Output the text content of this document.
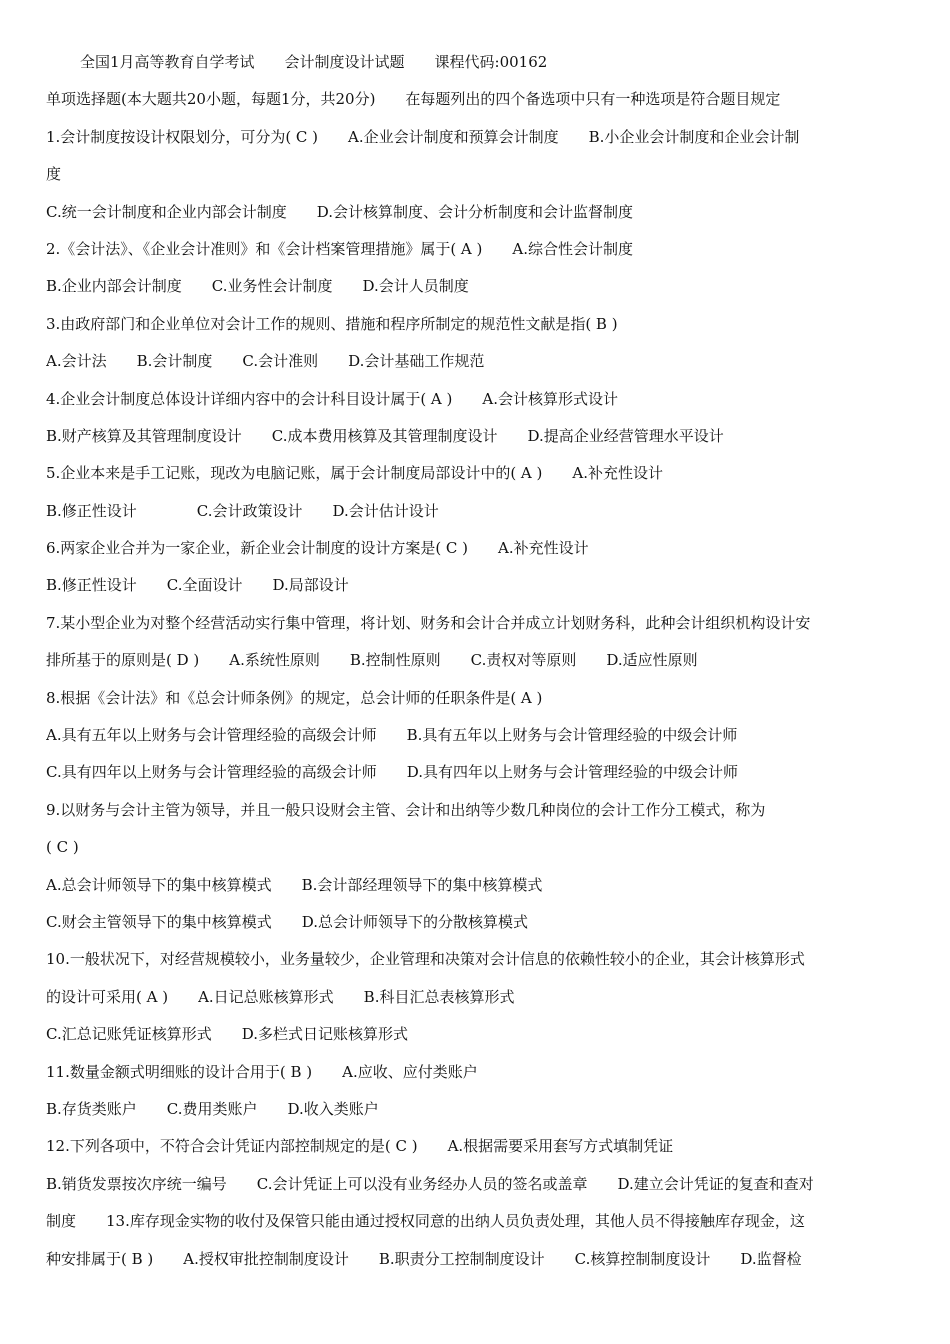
全国1月高等教育自学考试　　会计制度设计试题　　课程代码:00162
单项选择题(本大题共20小题，每题1分，共20分)　　在每题列出的四个备选项中只有一种选项是符合题目规定
1.会计制度按设计权限划分，可分为( C )　　A.企业会计制度和预算会计制度　　B.小企业会计制度和企业会计制
度
C.统一会计制度和企业内部会计制度　　D.会计核算制度、会计分析制度和会计监督制度
2.《会计法》、《企业会计准则》和《会计档案管理措施》属于( A )　　A.综合性会计制度
B.企业内部会计制度　　C.业务性会计制度　　D.会计人员制度
3.由政府部门和企业单位对会计工作的规则、措施和程序所制定的规范性文献是指( B )
A.会计法　　B.会计制度　　C.会计准则　　D.会计基础工作规范
4.企业会计制度总体设计详细内容中的会计科目设计属于( A )　　A.会计核算形式设计
B.财产核算及其管理制度设计　　C.成本费用核算及其管理制度设计　　D.提高企业经营管理水平设计
5.企业本来是手工记账，现改为电脑记账，属于会计制度局部设计中的( A )　　A.补充性设计
B.修正性设计　　　　C.会计政策设计　　D.会计估计设计
6.两家企业合并为一家企业，新企业会计制度的设计方案是( C )　　A.补充性设计
B.修正性设计　　C.全面设计　　D.局部设计
7.某小型企业为对整个经营活动实行集中管理，将计划、财务和会计合并成立计划财务科，此种会计组织机构设计安
排所基于的原则是( D )　　A.系统性原则　　B.控制性原则　　C.责权对等原则　　D.适应性原则
8.根据《会计法》和《总会计师条例》的规定，总会计师的任职条件是( A )
A.具有五年以上财务与会计管理经验的高级会计师　　B.具有五年以上财务与会计管理经验的中级会计师
C.具有四年以上财务与会计管理经验的高级会计师　　D.具有四年以上财务与会计管理经验的中级会计师
9.以财务与会计主管为领导，并且一般只设财会主管、会计和出纳等少数几种岗位的会计工作分工模式，称为
( C )
A.总会计师领导下的集中核算模式　　B.会计部经理领导下的集中核算模式
C.财会主管领导下的集中核算模式　　D.总会计师领导下的分散核算模式
10.一般状况下，对经营规模较小，业务量较少，企业管理和决策对会计信息的依赖性较小的企业，其会计核算形式
的设计可采用( A )　　A.日记总账核算形式　　B.科目汇总表核算形式
C.汇总记账凭证核算形式　　D.多栏式日记账核算形式
11.数量金额式明细账的设计合用于( B )　　A.应收、应付类账户
B.存货类账户　　C.费用类账户　　D.收入类账户
12.下列各项中，不符合会计凭证内部控制规定的是( C )　　A.根据需要采用套写方式填制凭证
B.销货发票按次序统一编号　　C.会计凭证上可以没有业务经办人员的签名或盖章　　D.建立会计凭证的复查和查对
制度　　13.库存现金实物的收付及保管只能由通过授权同意的出纳人员负责处理，其他人员不得接触库存现金，这
种安排属于( B )　　A.授权审批控制制度设计　　B.职责分工控制制度设计　　C.核算控制制度设计　　D.监督检
